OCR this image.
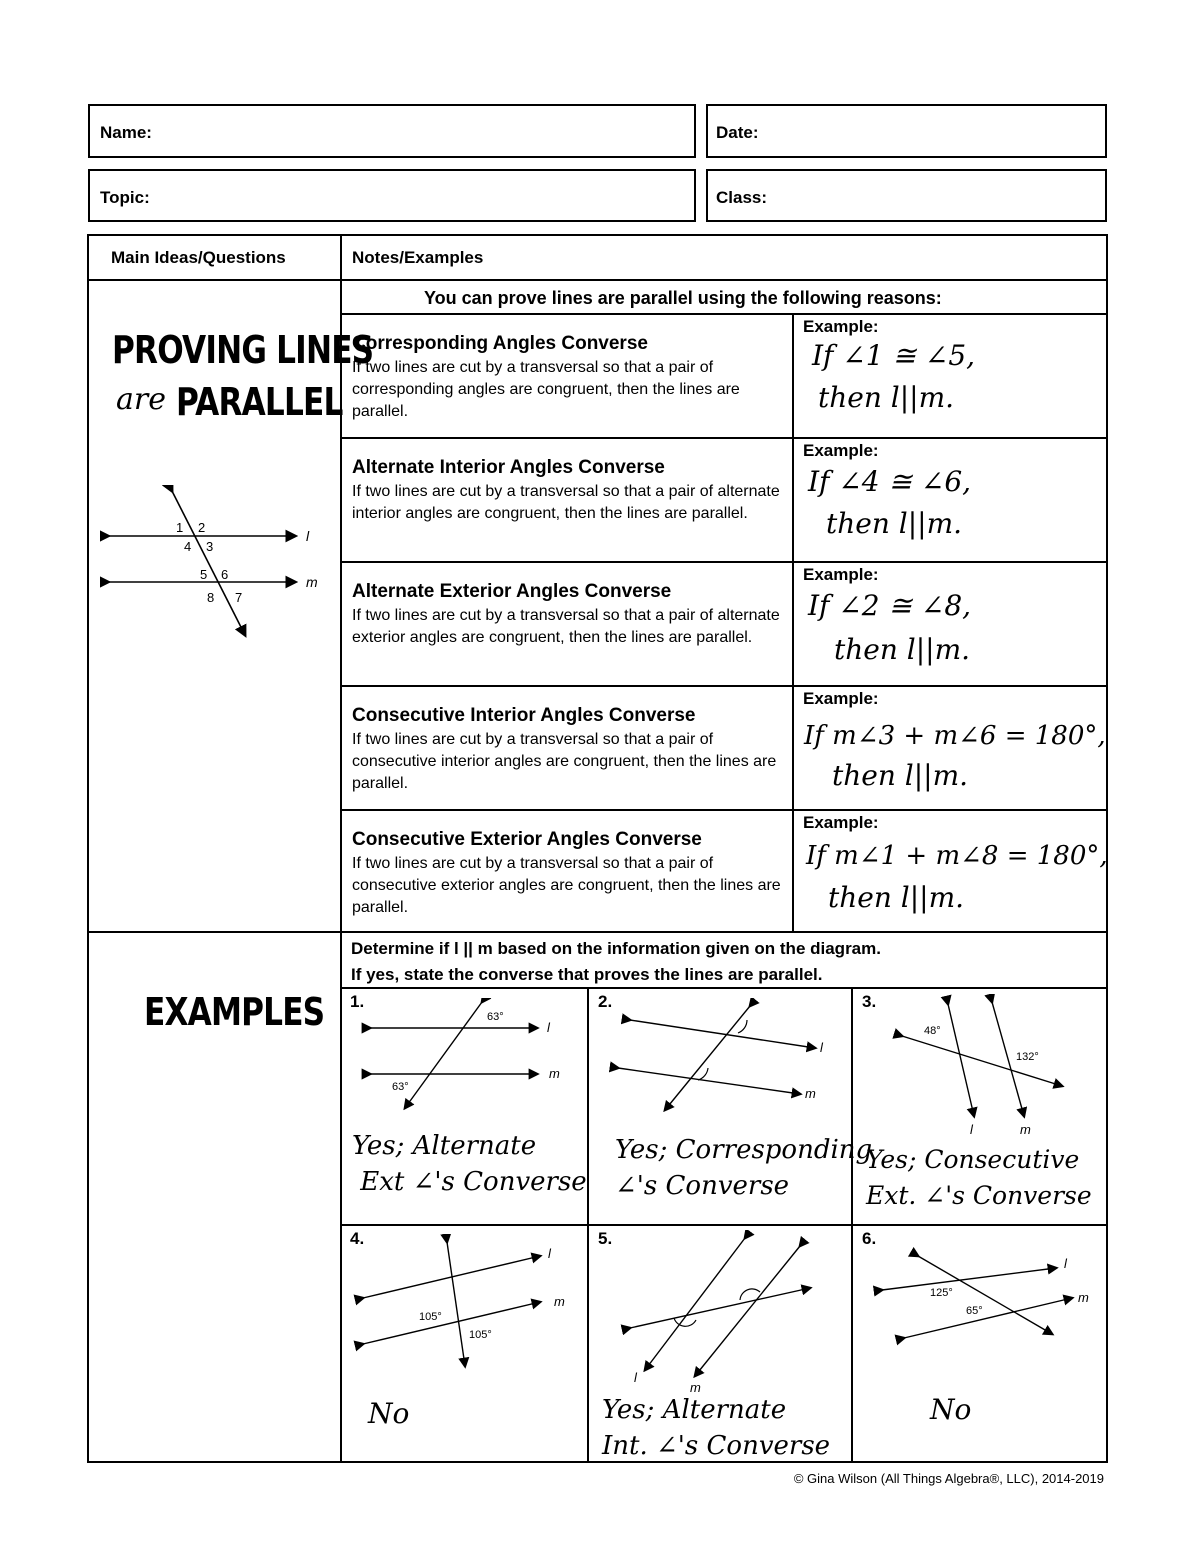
Name:	Date:
Topic:	Class:
Main Ideas/Questions	Notes/Examples
You can prove lines are parallel using the following reasons:
PROVING LINES
are PARALLEL
1 2
4 3
5 6
8 7
l
m
EXAMPLES
Corresponding Angles Converse
If two lines are cut by a transversal so that a pair of corresponding angles are congruent, then the lines are parallel.
Example:
If ∠1 ≅ ∠5,
then l||m.
Alternate Interior Angles Converse
If two lines are cut by a transversal so that a pair of alternate interior angles are congruent, then the lines are parallel.
Example:
If ∠4 ≅ ∠6,
then l||m.
Alternate Exterior Angles Converse
If two lines are cut by a transversal so that a pair of alternate exterior angles are congruent, then the lines are parallel.
Example:
If ∠2 ≅ ∠8,
then l||m.
Consecutive Interior Angles Converse
If two lines are cut by a transversal so that a pair of consecutive interior angles are congruent, then the lines are parallel.
Example:
If m∠3 + m∠6 = 180°,
then l||m.
Consecutive Exterior Angles Converse
If two lines are cut by a transversal so that a pair of consecutive exterior angles are congruent, then the lines are parallel.
Example:
If m∠1 + m∠8 = 180°,
then l||m.
Determine if l || m based on the information given on the diagram.
If yes, state the converse that proves the lines are parallel.
1.
63°
63°
l
m
Yes; Alternate
Ext ∠'s Converse
2.
l
m
Yes; Corresponding
∠'s Converse
3.
48°
132°
l	m
Yes; Consecutive
Ext. ∠'s Converse
4.
105°
105°
l
m
No
5.
l
m
Yes; Alternate
Int. ∠'s Converse
6.
125°
65°
l
m
No
© Gina Wilson (All Things Algebra®, LLC), 2014-2019
